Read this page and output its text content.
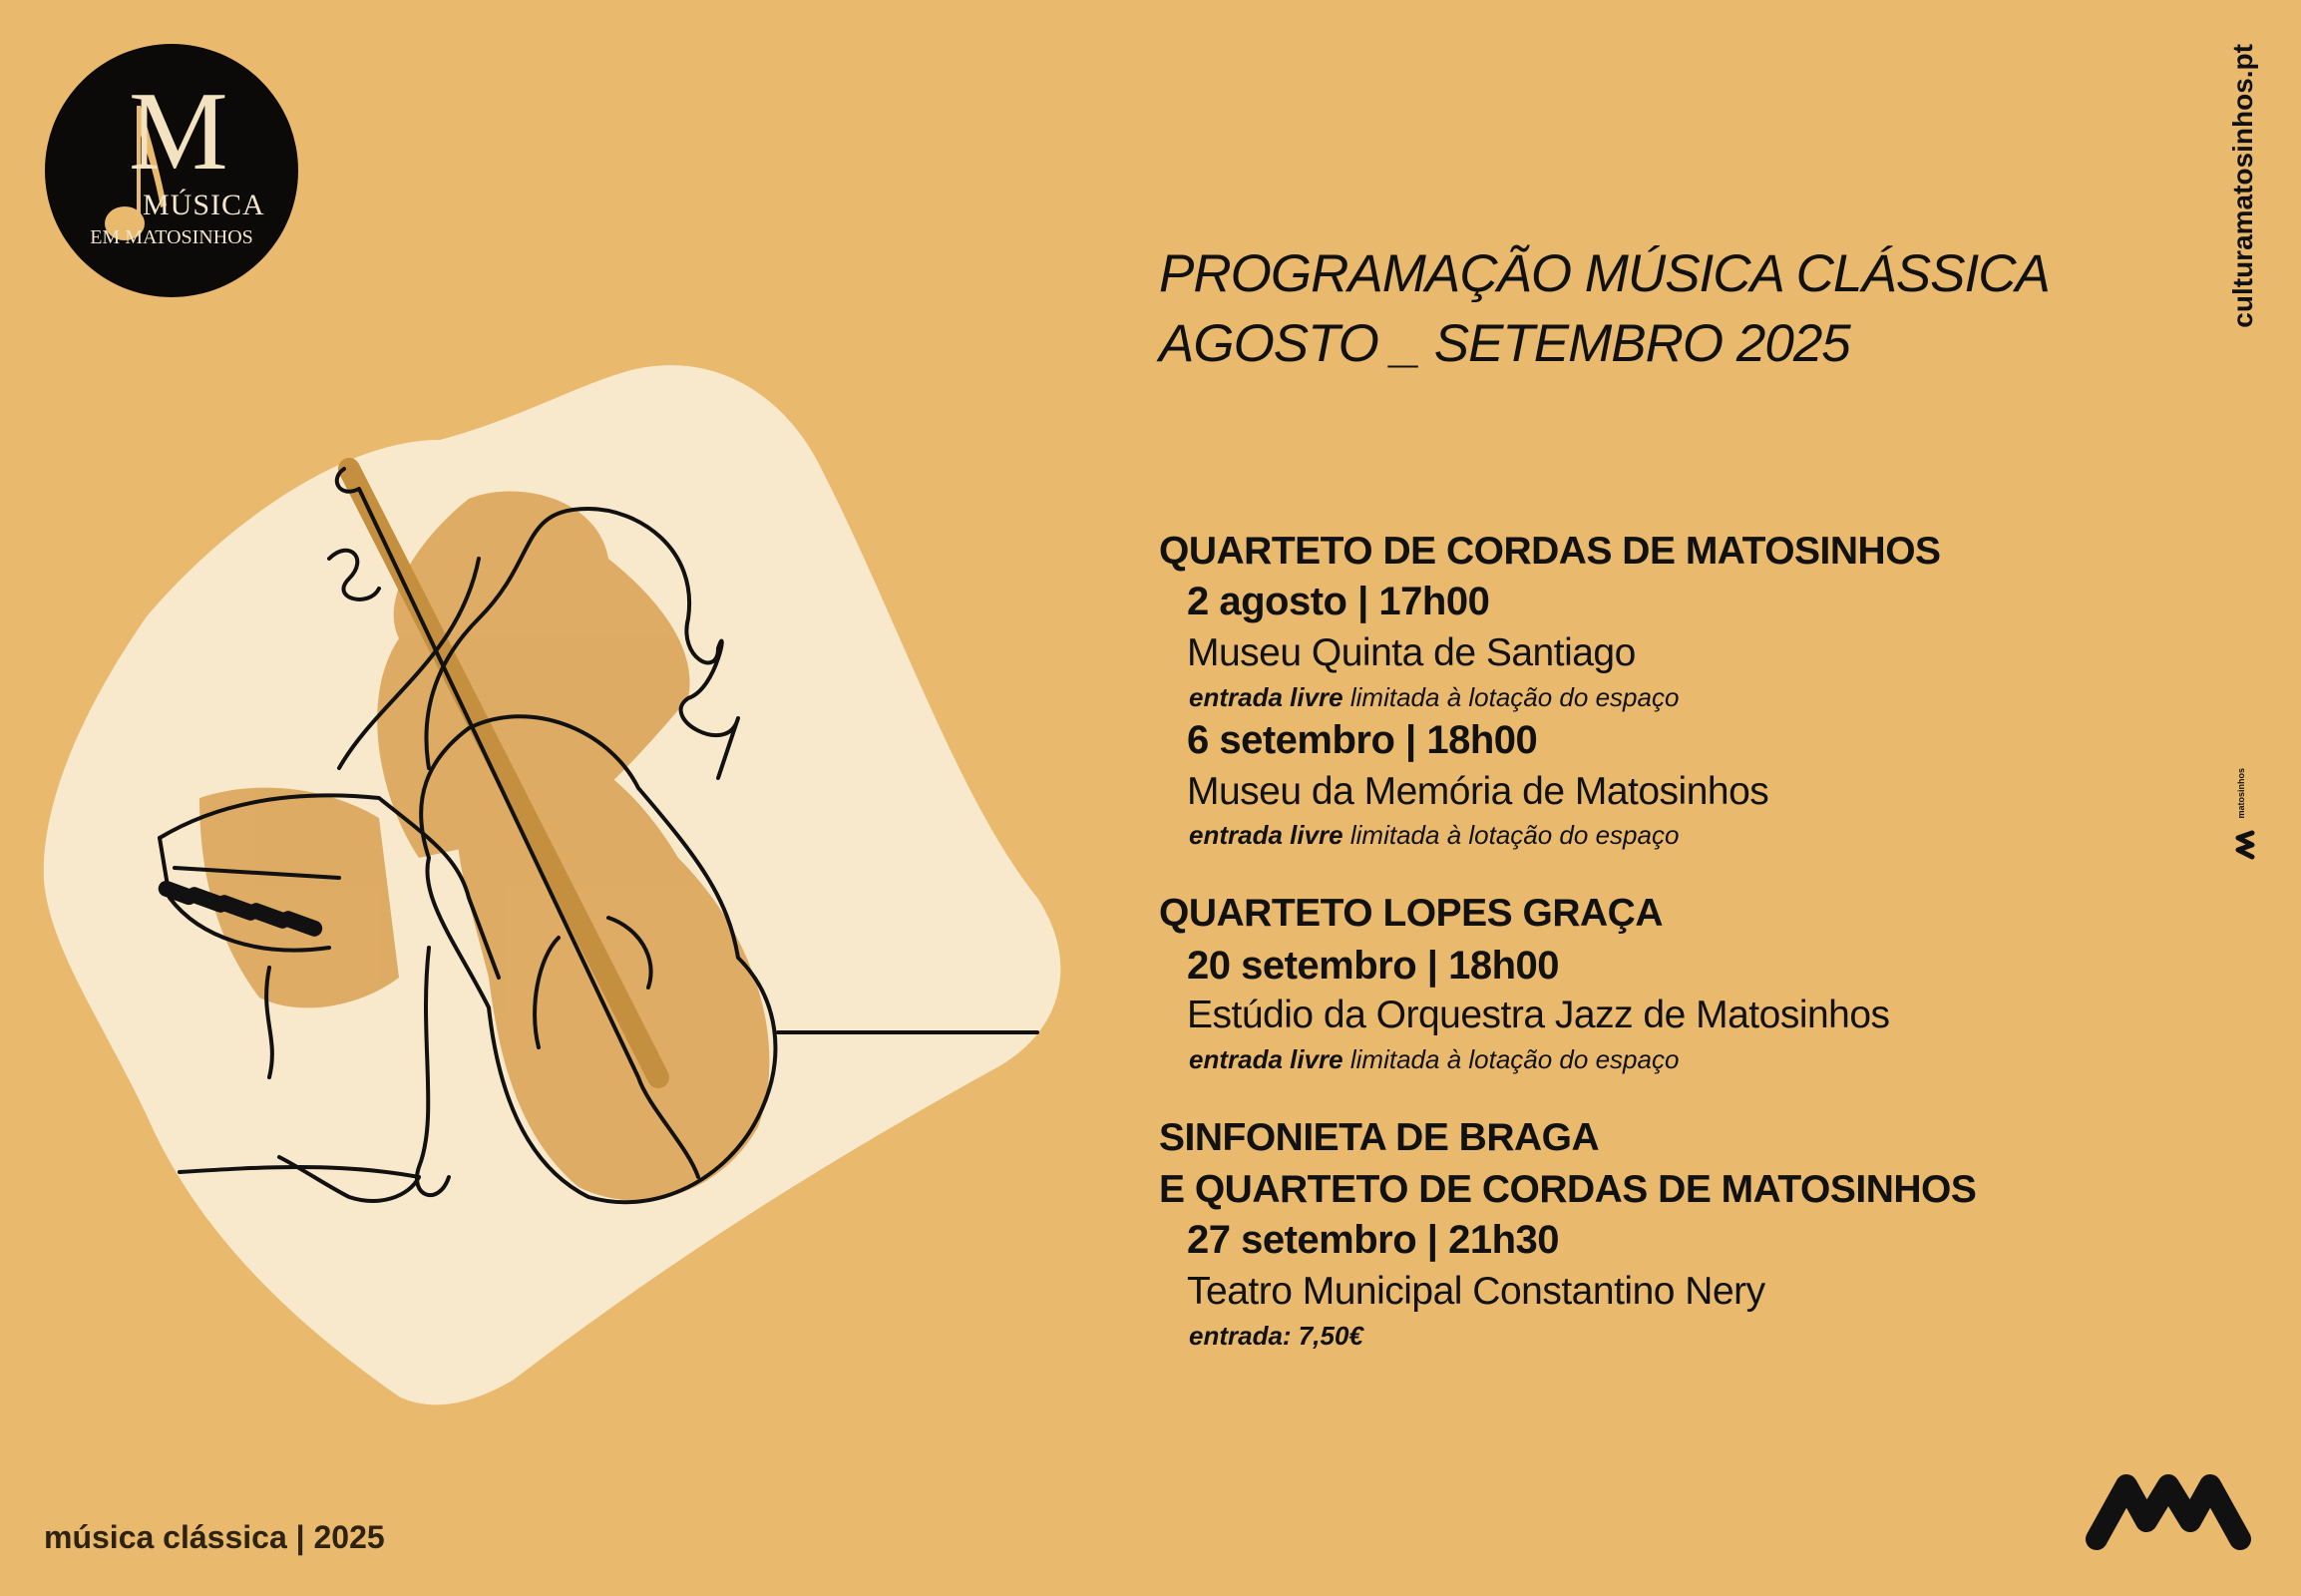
M
MÚSICA
EM MATOSINHOS
PROGRAMAÇÃO MÚSICA CLÁSSICA
AGOSTO _ SETEMBRO 2025
QUARTETO DE CORDAS DE MATOSINHOS
2 agosto | 17h00
Museu Quinta de Santiago
entrada livre limitada à lotação do espaço
6 setembro | 18h00
Museu da Memória de Matosinhos
entrada livre limitada à lotação do espaço
QUARTETO LOPES GRAÇA
20 setembro | 18h00
Estúdio da Orquestra Jazz de Matosinhos
entrada livre limitada à lotação do espaço
SINFONIETA DE BRAGA
E QUARTETO DE CORDAS DE MATOSINHOS
27 setembro | 21h30
Teatro Municipal Constantino Nery
entrada: 7,50€
música clássica | 2025
culturamatosinhos.pt
matosinhos
